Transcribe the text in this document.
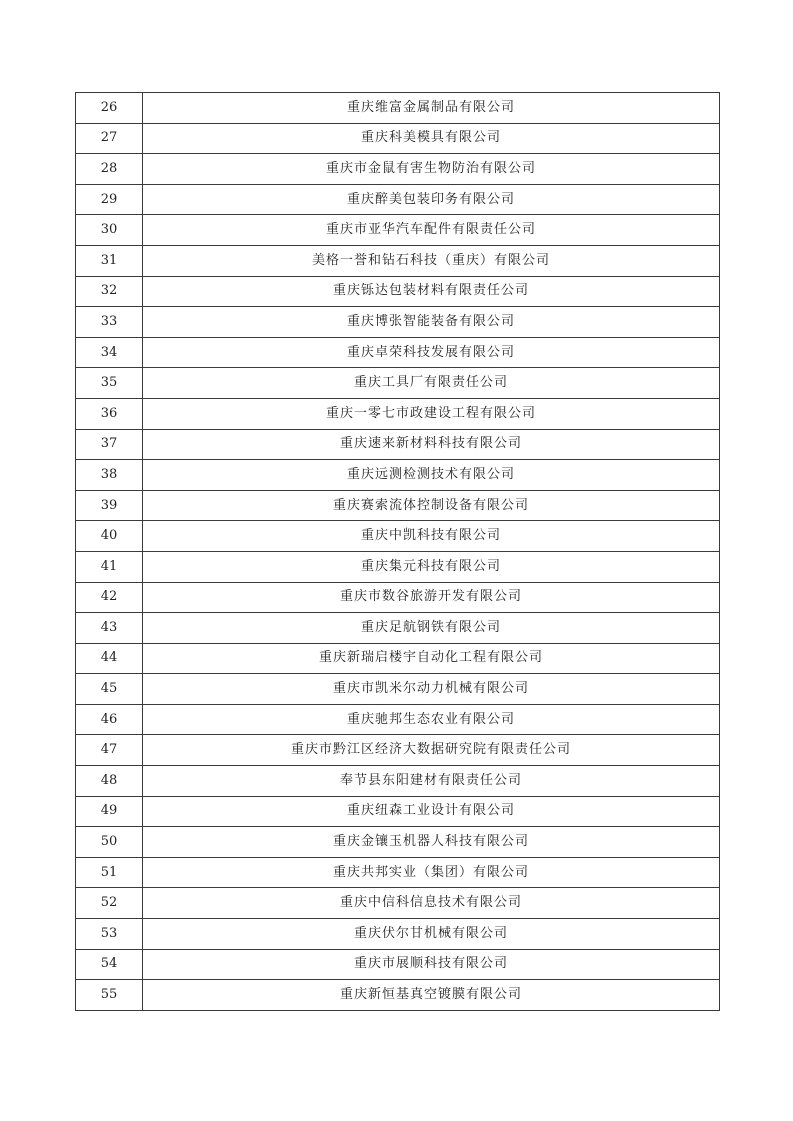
26	重庆维富金属制品有限公司
27	重庆科美模具有限公司
28	重庆市金鼠有害生物防治有限公司
29	重庆醉美包装印务有限公司
30	重庆市亚华汽车配件有限责任公司
31	美格一誉和钻石科技（重庆）有限公司
32	重庆铄达包装材料有限责任公司
33	重庆博张智能装备有限公司
34	重庆卓荣科技发展有限公司
35	重庆工具厂有限责任公司
36	重庆一零七市政建设工程有限公司
37	重庆速来新材料科技有限公司
38	重庆远测检测技术有限公司
39	重庆赛索流体控制设备有限公司
40	重庆中凯科技有限公司
41	重庆集元科技有限公司
42	重庆市数谷旅游开发有限公司
43	重庆足航钢铁有限公司
44	重庆新瑞启楼宇自动化工程有限公司
45	重庆市凯米尔动力机械有限公司
46	重庆驰邦生态农业有限公司
47	重庆市黔江区经济大数据研究院有限责任公司
48	奉节县东阳建材有限责任公司
49	重庆纽森工业设计有限公司
50	重庆金镶玉机器人科技有限公司
51	重庆共邦实业（集团）有限公司
52	重庆中信科信息技术有限公司
53	重庆伏尔甘机械有限公司
54	重庆市展顺科技有限公司
55	重庆新恒基真空镀膜有限公司
